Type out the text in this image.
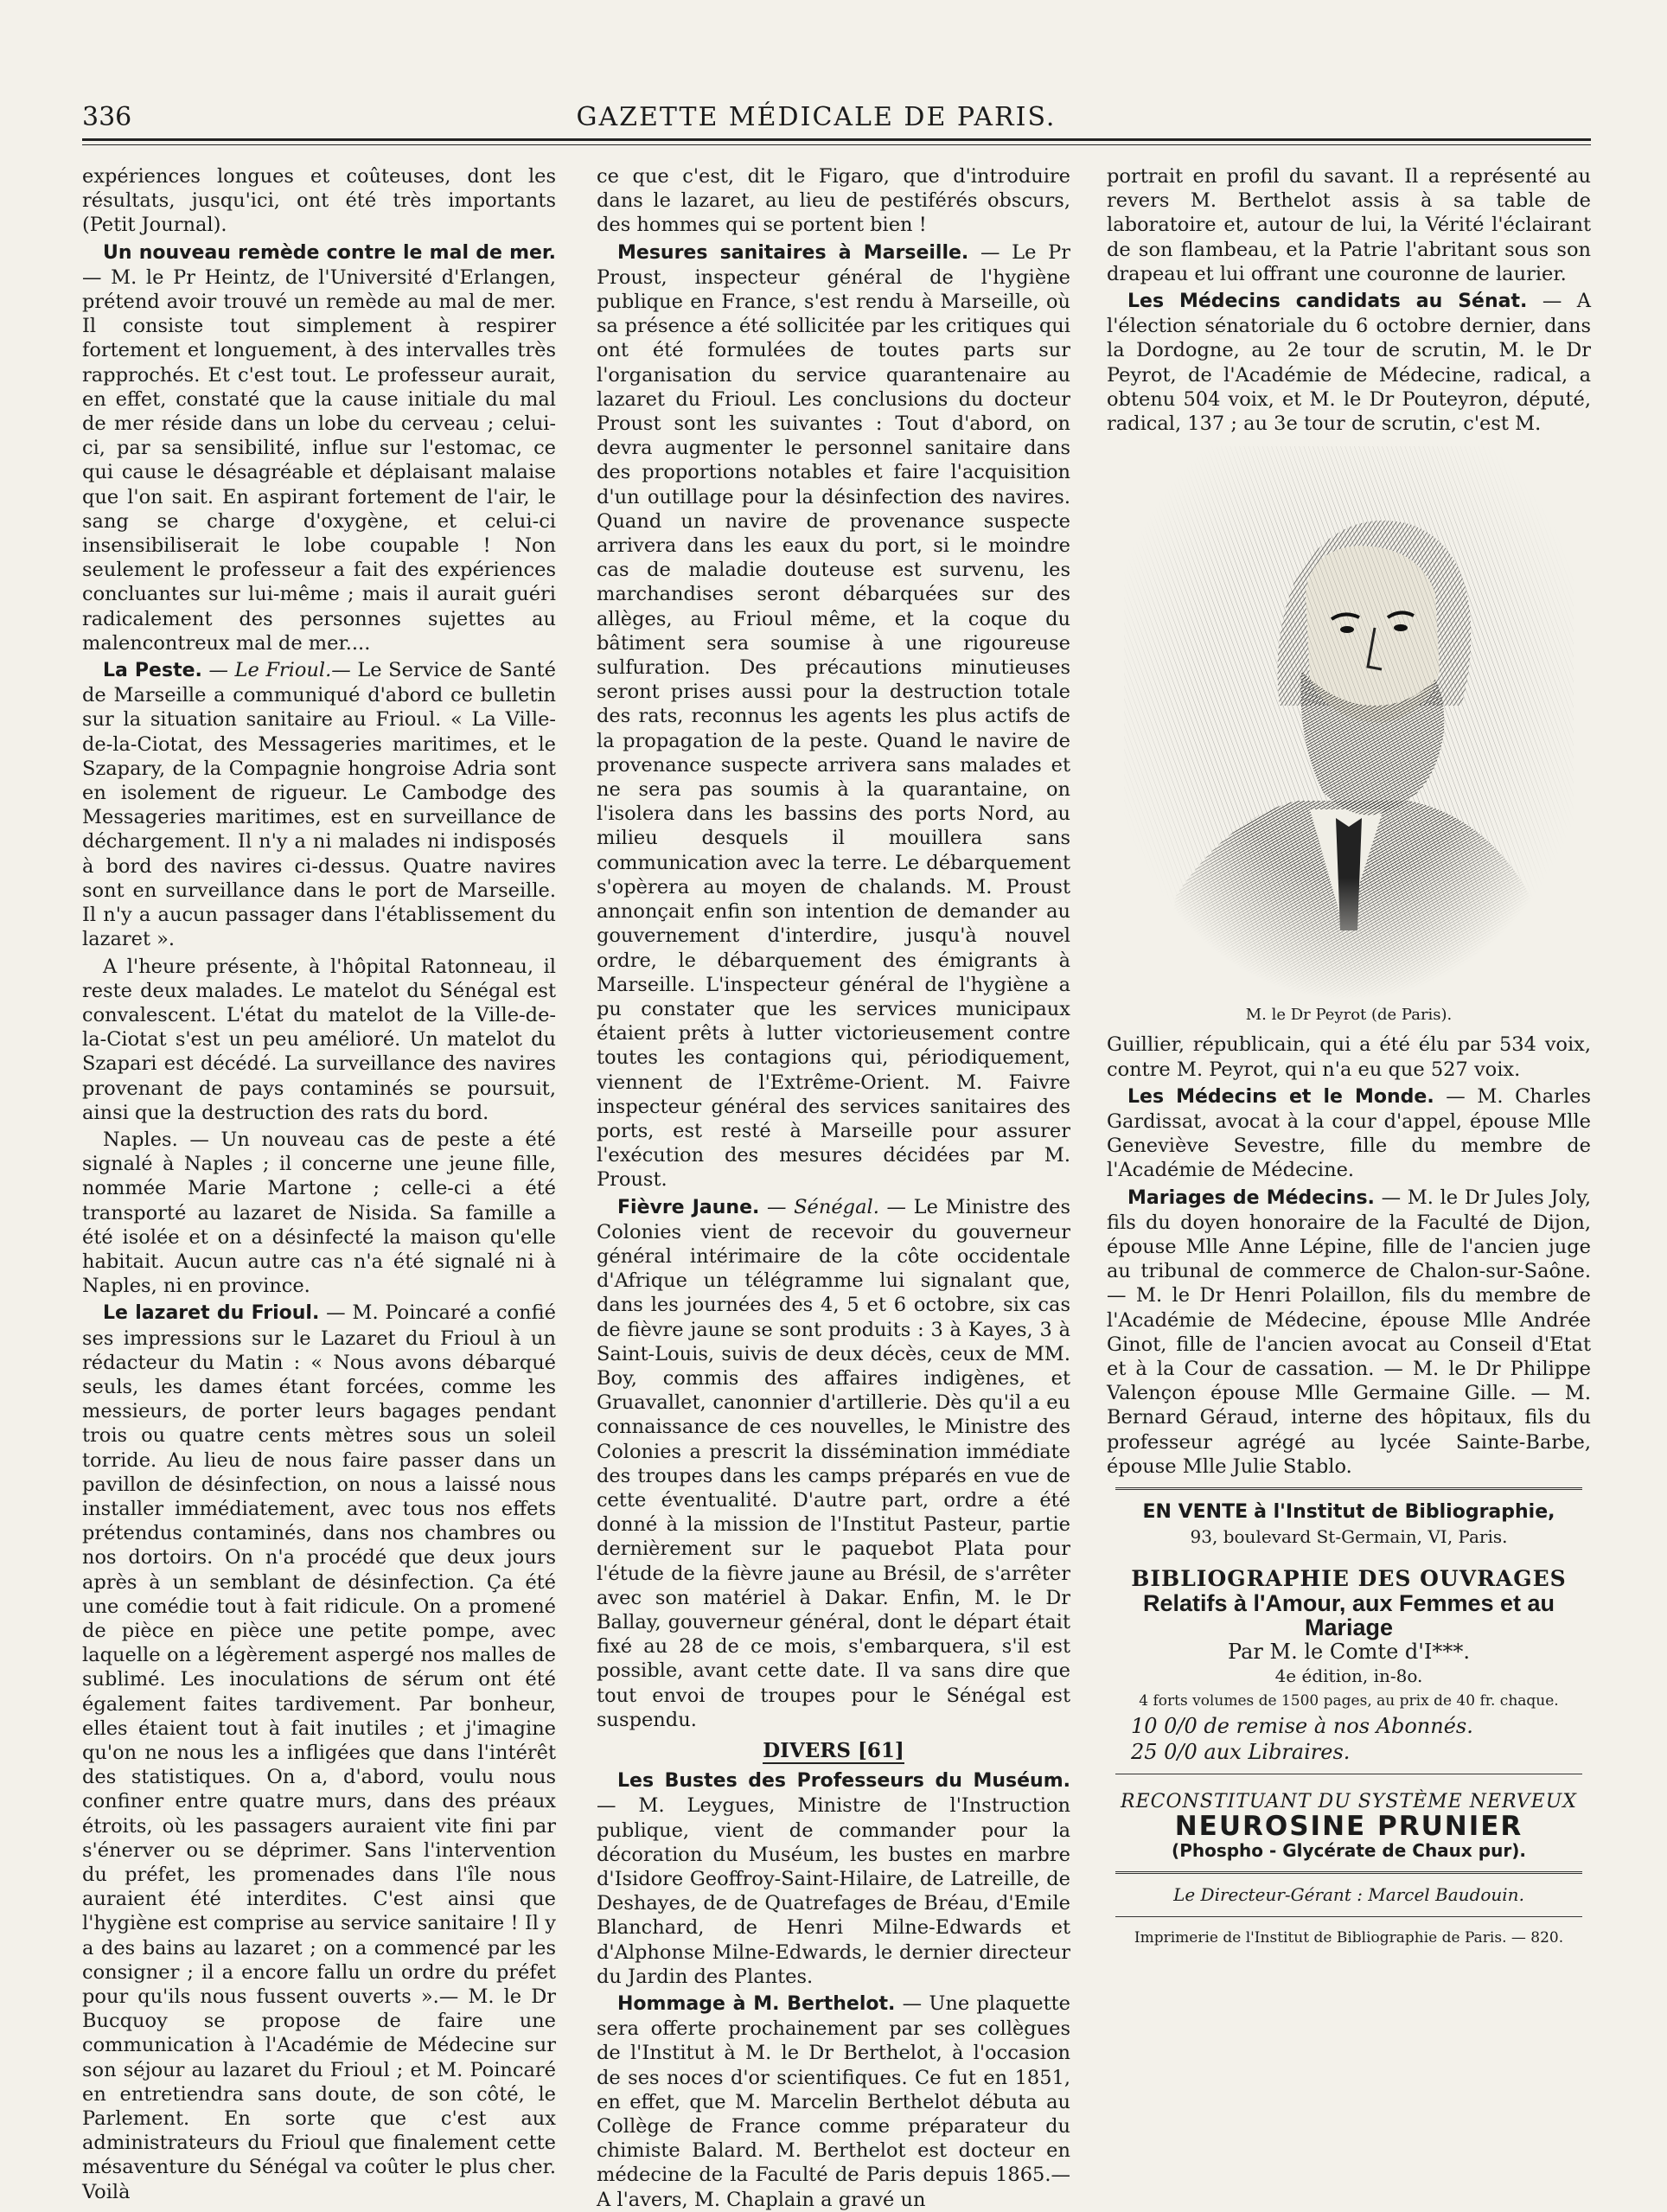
336	GAZETTE MÉDICALE DE PARIS.

expériences longues et coûteuses, dont les résultats, jusqu'ici, ont été très importants (Petit Journal).

Un nouveau remède contre le mal de mer. — M. le Pr Heintz, de l'Université d'Erlangen, prétend avoir trouvé un remède au mal de mer. Il consiste tout simplement à respirer fortement et longuement, à des intervalles très rapprochés. Et c'est tout. Le professeur aurait, en effet, constaté que la cause initiale du mal de mer réside dans un lobe du cerveau ; celui-ci, par sa sensibilité, influe sur l'estomac, ce qui cause le désagréable et déplaisant malaise que l'on sait. En aspirant fortement de l'air, le sang se charge d'oxygène, et celui-ci insensibiliserait le lobe coupable ! Non seulement le professeur a fait des expériences concluantes sur lui-même ; mais il aurait guéri radicalement des personnes sujettes au malencontreux mal de mer....

La Peste. — Le Frioul.— Le Service de Santé de Marseille a communiqué d'abord ce bulletin sur la situation sanitaire au Frioul. « La Ville-de-la-Ciotat, des Messageries maritimes, et le Szapary, de la Compagnie hongroise Adria sont en isolement de rigueur. Le Cambodge des Messageries maritimes, est en surveillance de déchargement. Il n'y a ni malades ni indisposés à bord des navires ci-dessus. Quatre navires sont en surveillance dans le port de Marseille. Il n'y a aucun passager dans l'établissement du lazaret ».

A l'heure présente, à l'hôpital Ratonneau, il reste deux malades. Le matelot du Sénégal est convalescent. L'état du matelot de la Ville-de-la-Ciotat s'est un peu amélioré. Un matelot du Szapari est décédé. La surveillance des navires provenant de pays contaminés se poursuit, ainsi que la destruction des rats du bord.

Naples. — Un nouveau cas de peste a été signalé à Naples ; il concerne une jeune fille, nommée Marie Martone ; celle-ci a été transporté au lazaret de Nisida. Sa famille a été isolée et on a désinfecté la maison qu'elle habitait. Aucun autre cas n'a été signalé ni à Naples, ni en province.

Le lazaret du Frioul. — M. Poincaré a confié ses impressions sur le Lazaret du Frioul à un rédacteur du Matin : « Nous avons débarqué seuls, les dames étant forcées, comme les messieurs, de porter leurs bagages pendant trois ou quatre cents mètres sous un soleil torride. Au lieu de nous faire passer dans un pavillon de désinfection, on nous a laissé nous installer immédiatement, avec tous nos effets prétendus contaminés, dans nos chambres ou nos dortoirs. On n'a procédé que deux jours après à un semblant de désinfection. Ça été une comédie tout à fait ridicule. On a promené de pièce en pièce une petite pompe, avec laquelle on a légèrement aspergé nos malles de sublimé. Les inoculations de sérum ont été également faites tardivement. Par bonheur, elles étaient tout à fait inutiles ; et j'imagine qu'on ne nous les a infligées que dans l'intérêt des statistiques. On a, d'abord, voulu nous confiner entre quatre murs, dans des préaux étroits, où les passagers auraient vite fini par s'énerver ou se déprimer. Sans l'intervention du préfet, les promenades dans l'île nous auraient été interdites. C'est ainsi que l'hygiène est comprise au service sanitaire ! Il y a des bains au lazaret ; on a commencé par les consigner ; il a encore fallu un ordre du préfet pour qu'ils nous fussent ouverts ».— M. le Dr Bucquoy se propose de faire une communication à l'Académie de Médecine sur son séjour au lazaret du Frioul ; et M. Poincaré en entretiendra sans doute, de son côté, le Parlement. En sorte que c'est aux administrateurs du Frioul que finalement cette mésaventure du Sénégal va coûter le plus cher. Voilà

ce que c'est, dit le Figaro, que d'introduire dans le lazaret, au lieu de pestiférés obscurs, des hommes qui se portent bien !

Mesures sanitaires à Marseille. — Le Pr Proust, inspecteur général de l'hygiène publique en France, s'est rendu à Marseille, où sa présence a été sollicitée par les critiques qui ont été formulées de toutes parts sur l'organisation du service quarantenaire au lazaret du Frioul. Les conclusions du docteur Proust sont les suivantes : Tout d'abord, on devra augmenter le personnel sanitaire dans des proportions notables et faire l'acquisition d'un outillage pour la désinfection des navires. Quand un navire de provenance suspecte arrivera dans les eaux du port, si le moindre cas de maladie douteuse est survenu, les marchandises seront débarquées sur des allèges, au Frioul même, et la coque du bâtiment sera soumise à une rigoureuse sulfuration. Des précautions minutieuses seront prises aussi pour la destruction totale des rats, reconnus les agents les plus actifs de la propagation de la peste. Quand le navire de provenance suspecte arrivera sans malades et ne sera pas soumis à la quarantaine, on l'isolera dans les bassins des ports Nord, au milieu desquels il mouillera sans communication avec la terre. Le débarquement s'opèrera au moyen de chalands. M. Proust annonçait enfin son intention de demander au gouvernement d'interdire, jusqu'à nouvel ordre, le débarquement des émigrants à Marseille. L'inspecteur général de l'hygiène a pu constater que les services municipaux étaient prêts à lutter victorieusement contre toutes les contagions qui, périodiquement, viennent de l'Extrême-Orient. M. Faivre inspecteur général des services sanitaires des ports, est resté à Marseille pour assurer l'exécution des mesures décidées par M. Proust.

Fièvre Jaune. — Sénégal. — Le Ministre des Colonies vient de recevoir du gouverneur général intérimaire de la côte occidentale d'Afrique un télégramme lui signalant que, dans les journées des 4, 5 et 6 octobre, six cas de fièvre jaune se sont produits : 3 à Kayes, 3 à Saint-Louis, suivis de deux décès, ceux de MM. Boy, commis des affaires indigènes, et Gruavallet, canonnier d'artillerie. Dès qu'il a eu connaissance de ces nouvelles, le Ministre des Colonies a prescrit la dissémination immédiate des troupes dans les camps préparés en vue de cette éventualité. D'autre part, ordre a été donné à la mission de l'Institut Pasteur, partie dernièrement sur le paquebot Plata pour l'étude de la fièvre jaune au Brésil, de s'arrêter avec son matériel à Dakar. Enfin, M. le Dr Ballay, gouverneur général, dont le départ était fixé au 28 de ce mois, s'embarquera, s'il est possible, avant cette date. Il va sans dire que tout envoi de troupes pour le Sénégal est suspendu.

DIVERS [61]

Les Bustes des Professeurs du Muséum. — M. Leygues, Ministre de l'Instruction publique, vient de commander pour la décoration du Muséum, les bustes en marbre d'Isidore Geoffroy-Saint-Hilaire, de Latreille, de Deshayes, de de Quatrefages de Bréau, d'Emile Blanchard, de Henri Milne-Edwards et d'Alphonse Milne-Edwards, le dernier directeur du Jardin des Plantes.

Hommage à M. Berthelot. — Une plaquette sera offerte prochainement par ses collègues de l'Institut à M. le Dr Berthelot, à l'occasion de ses noces d'or scientifiques. Ce fut en 1851, en effet, que M. Marcelin Berthelot débuta au Collège de France comme préparateur du chimiste Balard. M. Berthelot est docteur en médecine de la Faculté de Paris depuis 1865.— A l'avers, M. Chaplain a gravé un

portrait en profil du savant. Il a représenté au revers M. Berthelot assis à sa table de laboratoire et, autour de lui, la Vérité l'éclairant de son flambeau, et la Patrie l'abritant sous son drapeau et lui offrant une couronne de laurier.

Les Médecins candidats au Sénat. — A l'élection sénatoriale du 6 octobre dernier, dans la Dordogne, au 2e tour de scrutin, M. le Dr Peyrot, de l'Académie de Médecine, radical, a obtenu 504 voix, et M. le Dr Pouteyron, député, radical, 137 ; au 3e tour de scrutin, c'est M.

M. le Dr Peyrot (de Paris).

Guillier, républicain, qui a été élu par 534 voix, contre M. Peyrot, qui n'a eu que 527 voix.

Les Médecins et le Monde. — M. Charles Gardissat, avocat à la cour d'appel, épouse Mlle Geneviève Sevestre, fille du membre de l'Académie de Médecine.

Mariages de Médecins. — M. le Dr Jules Joly, fils du doyen honoraire de la Faculté de Dijon, épouse Mlle Anne Lépine, fille de l'ancien juge au tribunal de commerce de Chalon-sur-Saône. — M. le Dr Henri Polaillon, fils du membre de l'Académie de Médecine, épouse Mlle Andrée Ginot, fille de l'ancien avocat au Conseil d'Etat et à la Cour de cassation. — M. le Dr Philippe Valençon épouse Mlle Germaine Gille. — M. Bernard Géraud, interne des hôpitaux, fils du professeur agrégé au lycée Sainte-Barbe, épouse Mlle Julie Stablo.

EN VENTE à l'Institut de Bibliographie,
93, boulevard St-Germain, VI, Paris.
BIBLIOGRAPHIE DES OUVRAGES
Relatifs à l'Amour, aux Femmes et au Mariage
Par M. le Comte d'I***.
4e édition, in-8o.
4 forts volumes de 1500 pages, au prix de 40 fr. chaque.
10 0/0 de remise à nos Abonnés.
25 0/0 aux Libraires.
RECONSTITUANT DU SYSTÈME NERVEUX
NEUROSINE PRUNIER
(Phospho - Glycérate de Chaux pur).
Le Directeur-Gérant : Marcel Baudouin.
Imprimerie de l'Institut de Bibliographie de Paris. — 820.
